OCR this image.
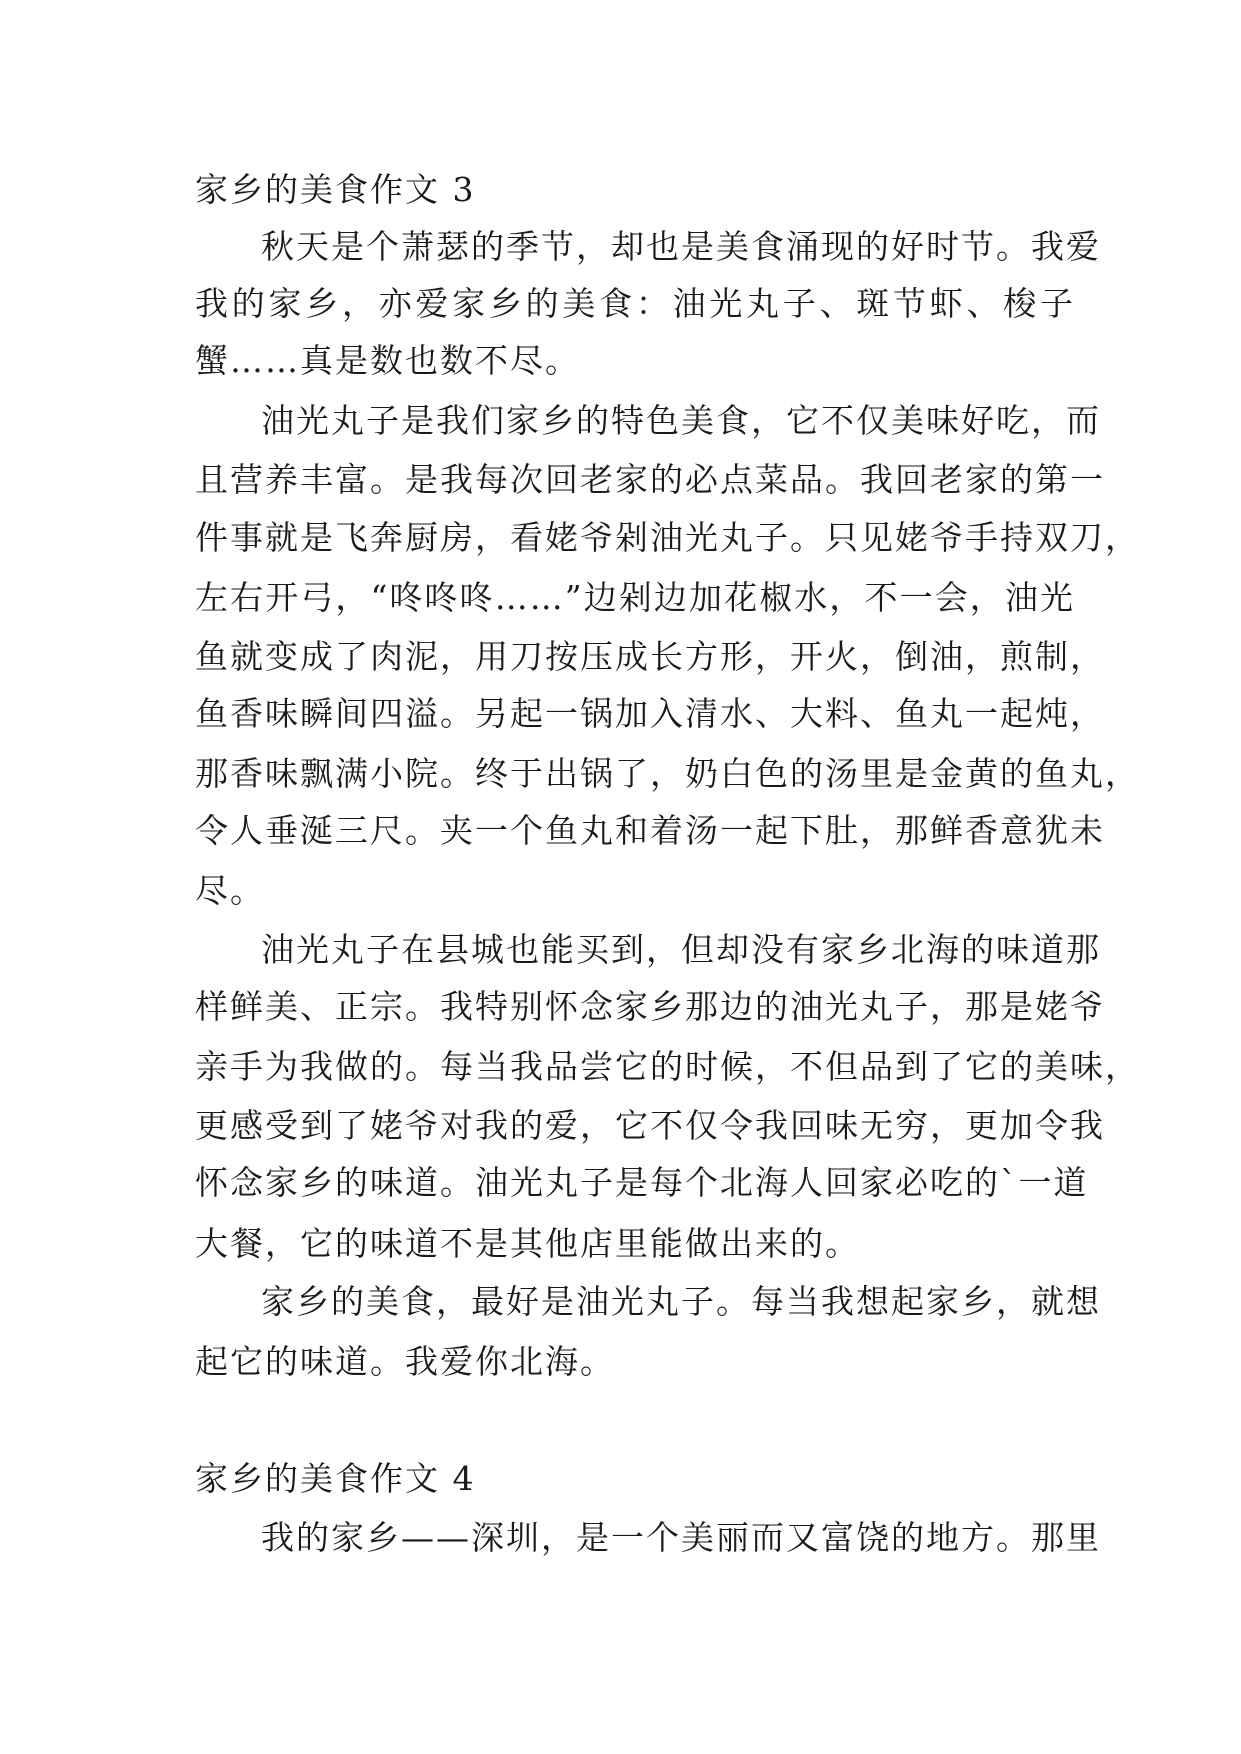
家乡的美食作文 3
秋天是个萧瑟的季节，却也是美食涌现的好时节。我爱
我的家乡，亦爱家乡的美食：油光丸子、斑节虾、梭子
蟹……真是数也数不尽。
油光丸子是我们家乡的特色美食，它不仅美味好吃，而
且营养丰富。是我每次回老家的必点菜品。我回老家的第一
件事就是飞奔厨房，看姥爷剁油光丸子。只见姥爷手持双刀，
左右开弓，“咚咚咚……”边剁边加花椒水，不一会，油光
鱼就变成了肉泥，用刀按压成长方形，开火，倒油，煎制，
鱼香味瞬间四溢。另起一锅加入清水、大料、鱼丸一起炖，
那香味飘满小院。终于出锅了，奶白色的汤里是金黄的鱼丸，
令人垂涎三尺。夹一个鱼丸和着汤一起下肚，那鲜香意犹未
尽。
油光丸子在县城也能买到，但却没有家乡北海的味道那
样鲜美、正宗。我特别怀念家乡那边的油光丸子，那是姥爷
亲手为我做的。每当我品尝它的时候，不但品到了它的美味，
更感受到了姥爷对我的爱，它不仅令我回味无穷，更加令我
怀念家乡的味道。油光丸子是每个北海人回家必吃的`一道
大餐，它的味道不是其他店里能做出来的。
家乡的美食，最好是油光丸子。每当我想起家乡，就想
起它的味道。我爱你北海。
家乡的美食作文 4
我的家乡——深圳，是一个美丽而又富饶的地方。那里
